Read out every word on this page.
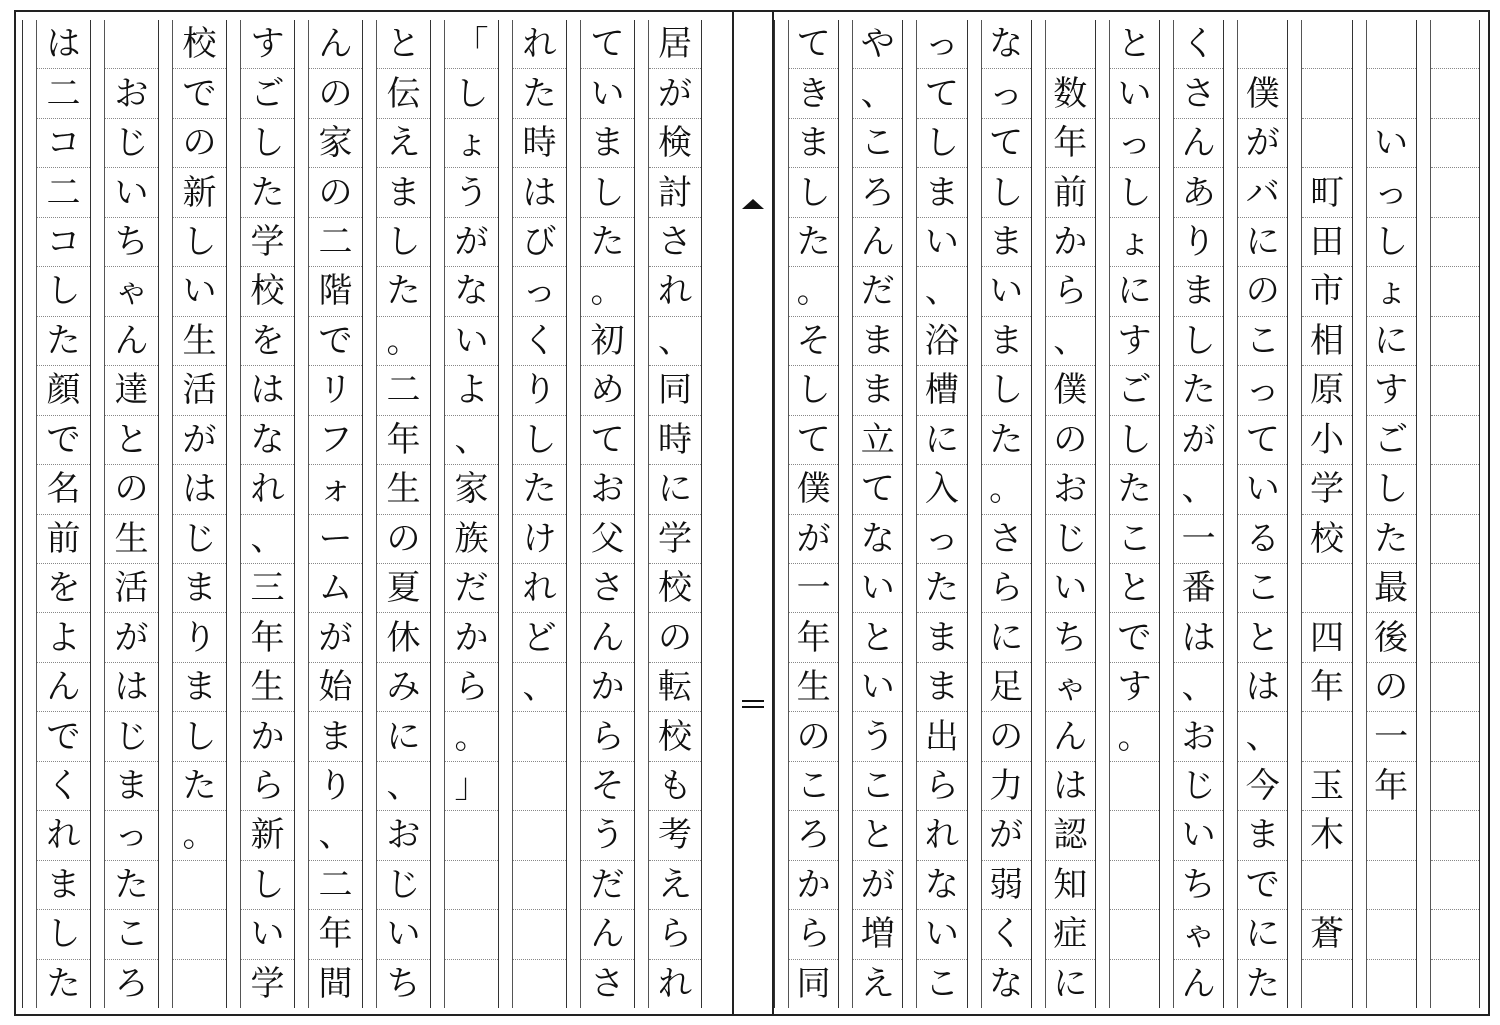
は
二
コ
二
コ
し
た
顔
で
名
前
を
よ
ん
で
く
れ
ま
し
た
お
じ
い
ち
ゃ
ん
達
と
の
生
活
が
は
じ
ま
っ
た
こ
ろ
校
で
の
新
し
い
生
活
が
は
じ
ま
り
ま
し
た
。
す
ご
し
た
学
校
を
は
な
れ
、
三
年
生
か
ら
新
し
い
学
ん
の
家
の
二
階
で
リ
フ
ォ
ー
ム
が
始
ま
り
、
二
年
間
と
伝
え
ま
し
た
。
二
年
生
の
夏
休
み
に
、
お
じ
い
ち
「
し
ょ
う
が
な
い
よ
、
家
族
だ
か
ら
。
」
れ
た
時
は
び
っ
く
り
し
た
け
れ
ど
、
て
い
ま
し
た
。
初
め
て
お
父
さ
ん
か
ら
そ
う
だ
ん
さ
居
が
検
討
さ
れ
、
同
時
に
学
校
の
転
校
も
考
え
ら
れ
て
き
ま
し
た
。
そ
し
て
僕
が
一
年
生
の
こ
ろ
か
ら
同
や
、
こ
ろ
ん
だ
ま
ま
立
て
な
い
と
い
う
こ
と
が
増
え
っ
て
し
ま
い
、
浴
槽
に
入
っ
た
ま
ま
出
ら
れ
な
い
こ
な
っ
て
し
ま
い
ま
し
た
。
さ
ら
に
足
の
力
が
弱
く
な
数
年
前
か
ら
、
僕
の
お
じ
い
ち
ゃ
ん
は
認
知
症
に
と
い
っ
し
ょ
に
す
ご
し
た
こ
と
で
す
。
く
さ
ん
あ
り
ま
し
た
が
、
一
番
は
、
お
じ
い
ち
ゃ
ん
僕
が
バ
に
の
こ
っ
て
い
る
こ
と
は
、
今
ま
で
に
た
町
田
市
相
原
小
学
校
四
年
玉
木
蒼
い
っ
し
ょ
に
す
ご
し
た
最
後
の
一
年
